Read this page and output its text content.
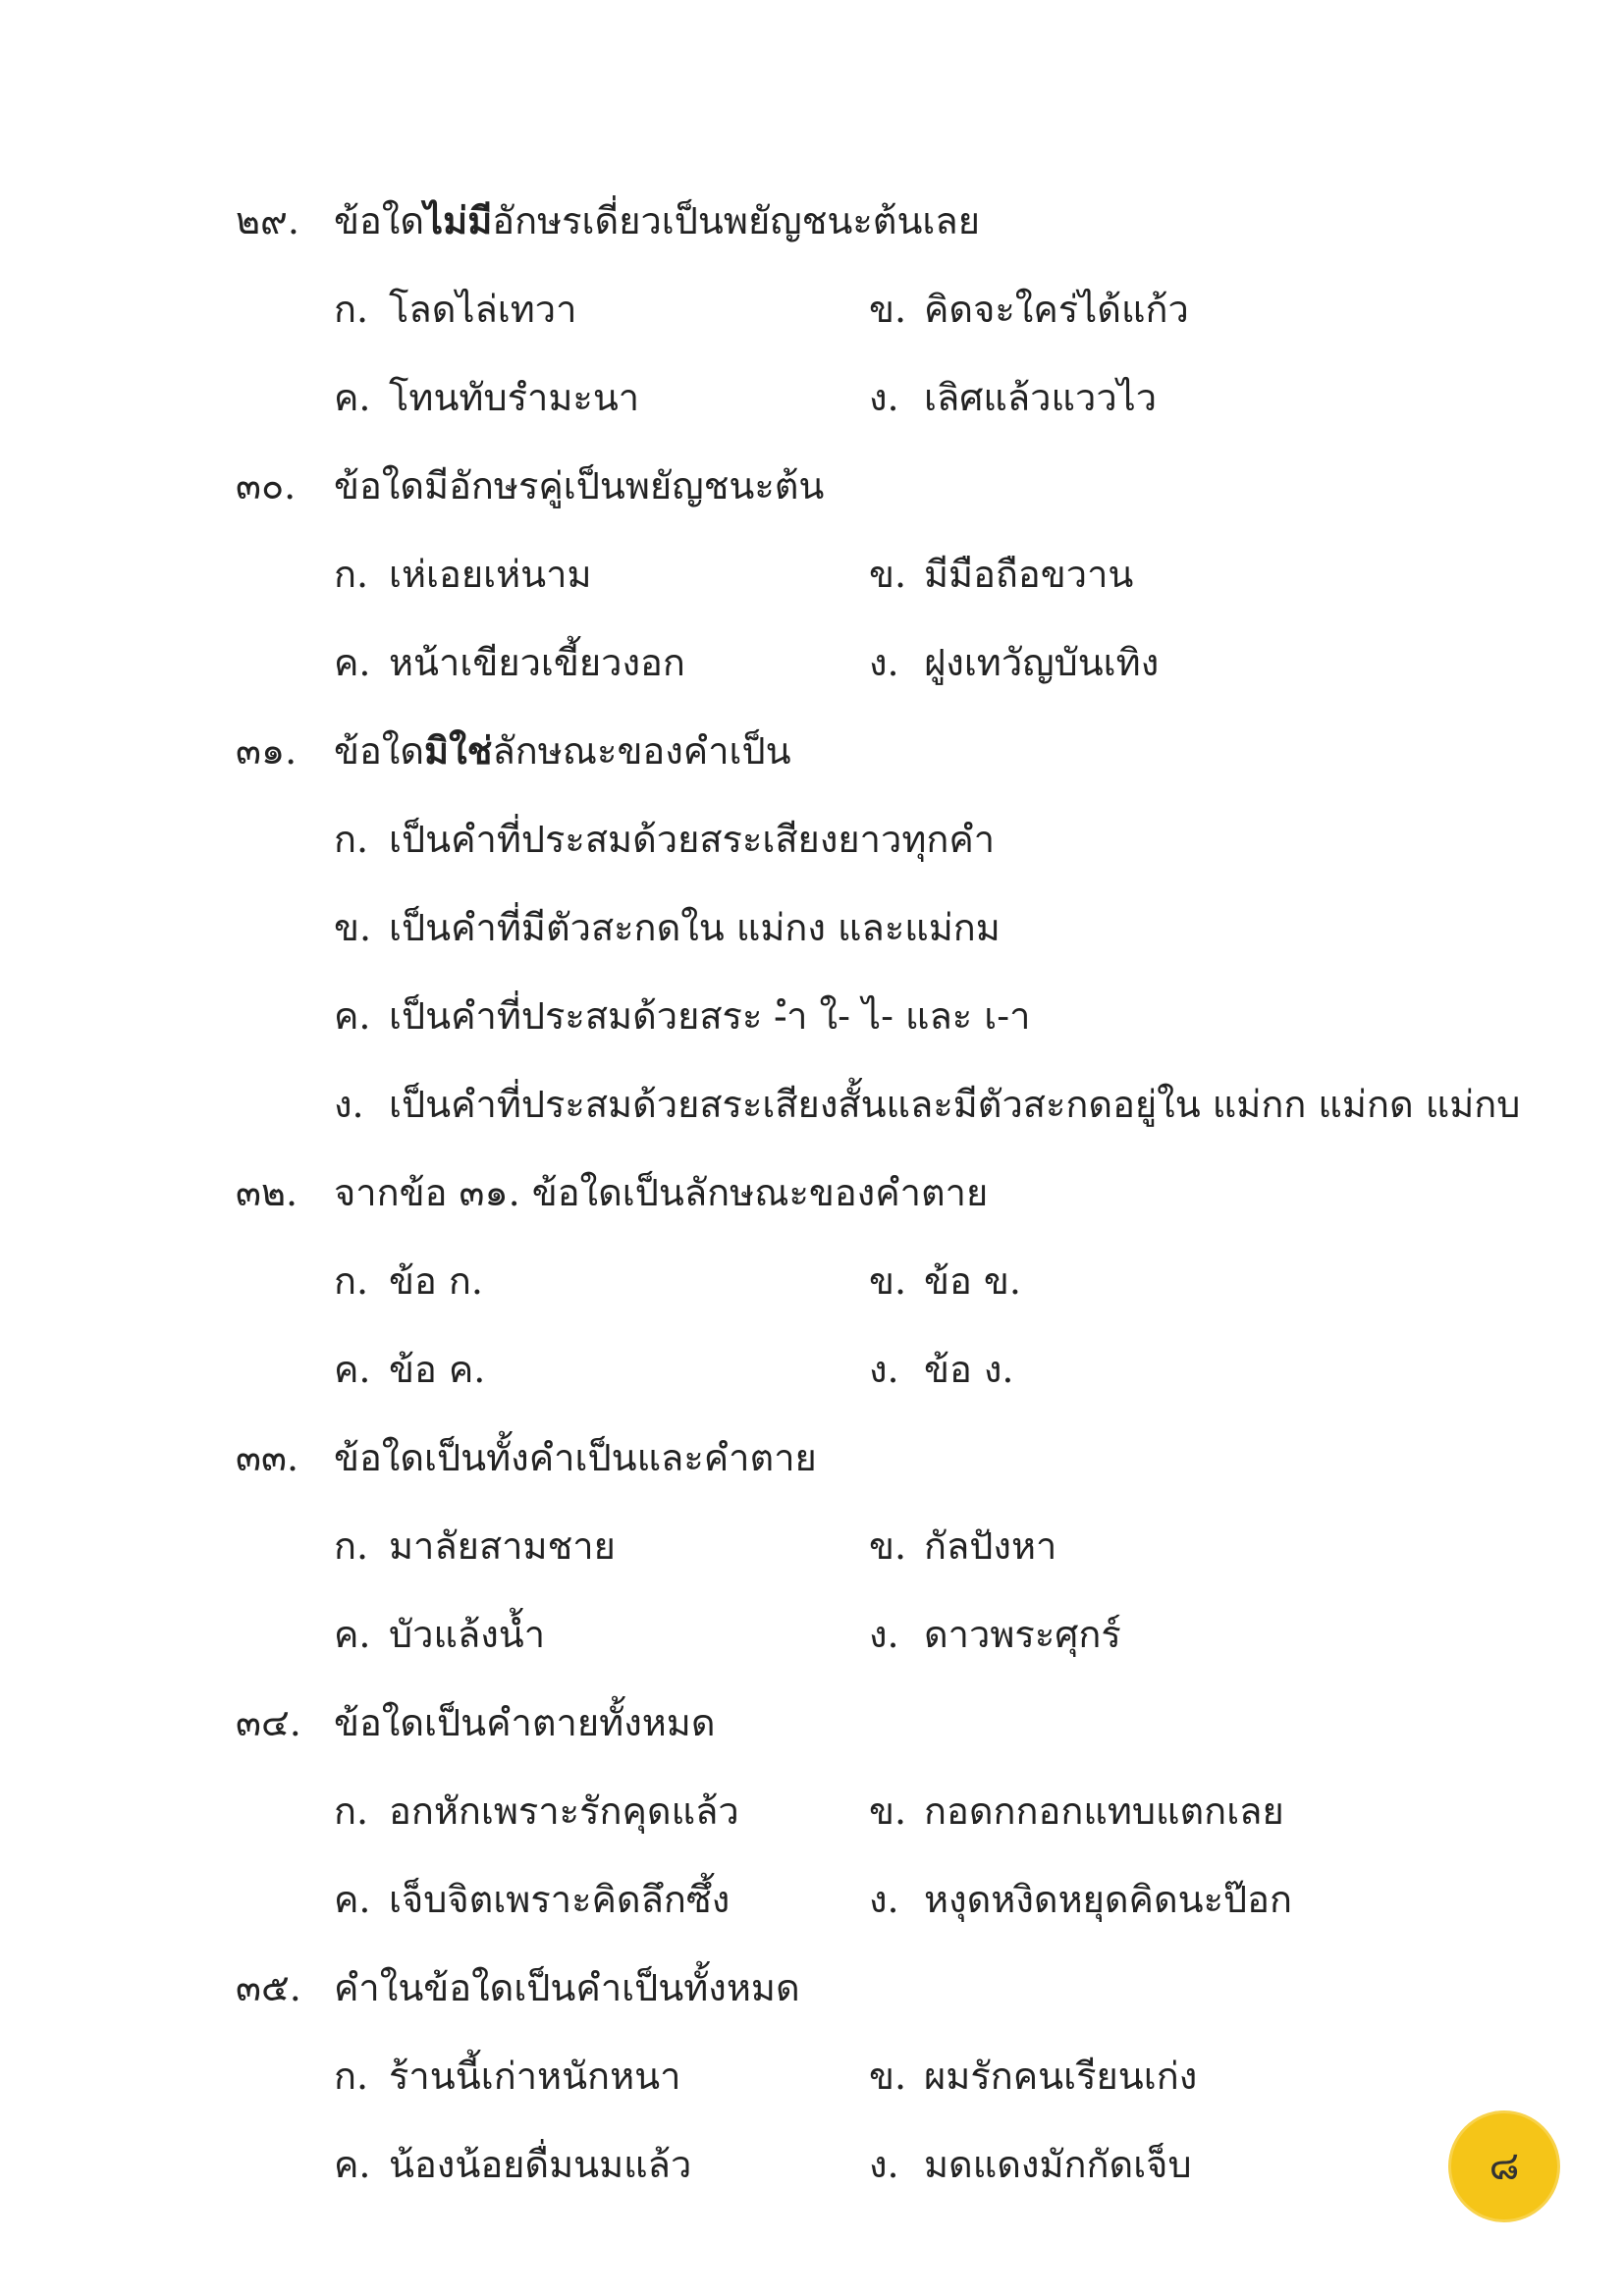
๒๙. ข้อใดไม่มีอักษรเดี่ยวเป็นพยัญชนะต้นเลย
ก. โลดไล่เทวา	ข. คิดจะใคร่ได้แก้ว
ค. โทนทับรำมะนา	ง. เลิศแล้วแววไว
๓๐. ข้อใดมีอักษรคู่เป็นพยัญชนะต้น
ก. เห่เอยเห่นาม	ข. มีมือถือขวาน
ค. หน้าเขียวเขี้ยวงอก	ง. ฝูงเทวัญบันเทิง
๓๑. ข้อใดมิใช่ลักษณะของคำเป็น
ก. เป็นคำที่ประสมด้วยสระเสียงยาวทุกคำ
ข. เป็นคำที่มีตัวสะกดใน แม่กง และแม่กม
ค. เป็นคำที่ประสมด้วยสระ -ำ ใ- ไ- และ เ-า
ง. เป็นคำที่ประสมด้วยสระเสียงสั้นและมีตัวสะกดอยู่ใน แม่กก แม่กด แม่กบ
๓๒. จากข้อ ๓๑. ข้อใดเป็นลักษณะของคำตาย
ก. ข้อ ก.	ข. ข้อ ข.
ค. ข้อ ค.	ง. ข้อ ง.
๓๓. ข้อใดเป็นทั้งคำเป็นและคำตาย
ก. มาลัยสามชาย	ข. กัลปังหา
ค. บัวแล้งน้ำ	ง. ดาวพระศุกร์
๓๔. ข้อใดเป็นคำตายทั้งหมด
ก. อกหักเพราะรักคุดแล้ว	ข. กอดกกอกแทบแตกเลย
ค. เจ็บจิตเพราะคิดลึกซึ้ง	ง. หงุดหงิดหยุดคิดนะป๊อก
๓๕. คำในข้อใดเป็นคำเป็นทั้งหมด
ก. ร้านนี้เก่าหนักหนา	ข. ผมรักคนเรียนเก่ง
ค. น้องน้อยดื่มนมแล้ว	ง. มดแดงมักกัดเจ็บ	๘
